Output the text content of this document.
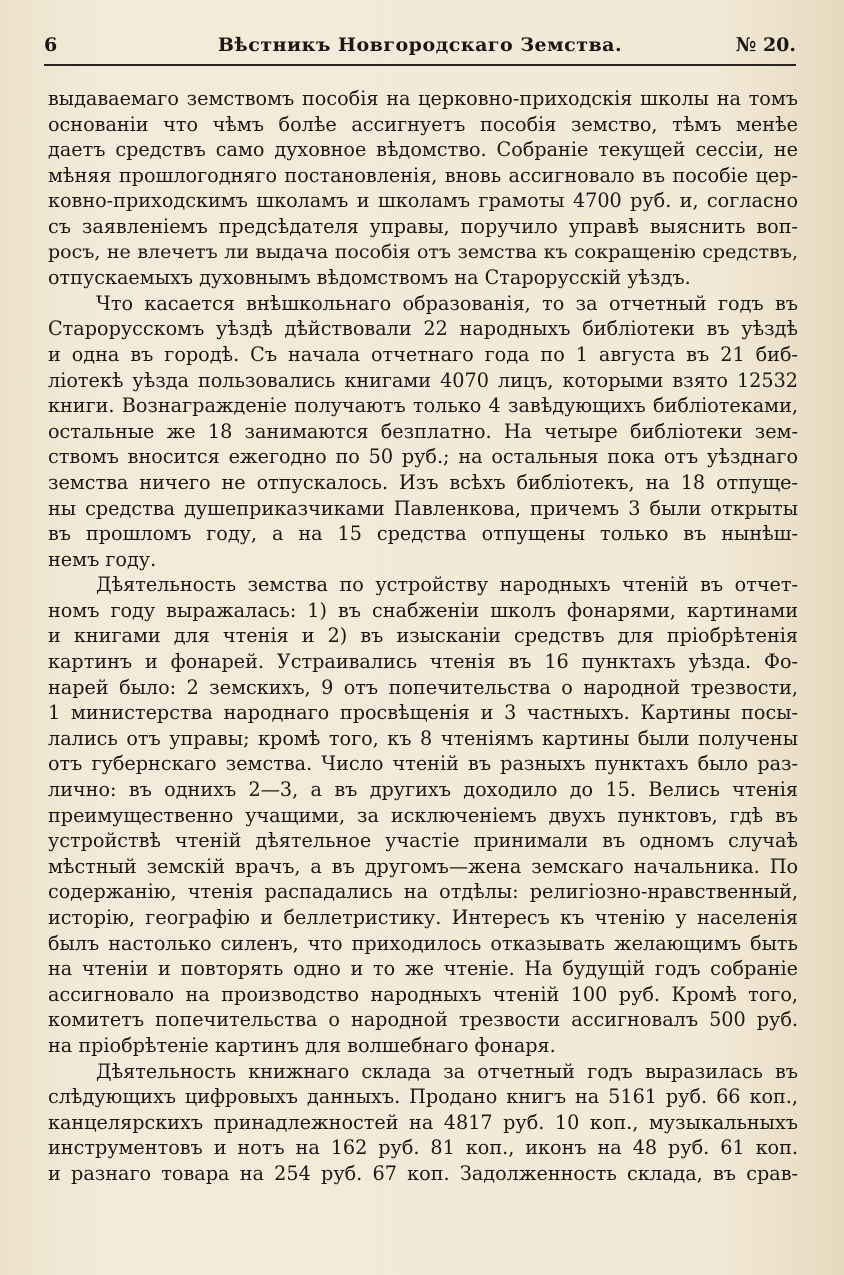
6	Вѣстникъ Новгородскаго Земства.	№ 20.
выдаваемаго земствомъ пособія на церковно-приходскія школы на томъ
основаніи что чѣмъ болѣе ассигнуетъ пособія земство, тѣмъ менѣе
даетъ средствъ само духовное вѣдомство. Собраніе текущей сессіи, не
мѣняя прошлогодняго постановленія, вновь ассигновало въ пособіе цер-
ковно-приходскимъ школамъ и школамъ грамоты 4700 руб. и, согласно
съ заявленіемъ предсѣдателя управы, поручило управѣ выяснить воп-
росъ, не влечетъ ли выдача пособія отъ земства къ сокращенію средствъ,
отпускаемыхъ духовнымъ вѣдомствомъ на Старорусскій уѣздъ.
Что касается внѣшкольнаго образованія, то за отчетный годъ въ
Старорусскомъ уѣздѣ дѣйствовали 22 народныхъ библіотеки въ уѣздѣ
и одна въ городѣ. Съ начала отчетнаго года по 1 августа въ 21 биб-
ліотекѣ уѣзда пользовались книгами 4070 лицъ, которыми взято 12532
книги. Вознагражденіе получаютъ только 4 завѣдующихъ библіотеками,
остальные же 18 занимаются безплатно. На четыре библіотеки зем-
ствомъ вносится ежегодно по 50 руб.; на остальныя пока отъ уѣзднаго
земства ничего не отпускалось. Изъ всѣхъ библіотекъ, на 18 отпуще-
ны средства душеприказчиками Павленкова, причемъ 3 были открыты
въ прошломъ году, а на 15 средства отпущены только въ нынѣш-
немъ году.
Дѣятельность земства по устройству народныхъ чтеній въ отчет-
номъ году выражалась: 1) въ снабженіи школъ фонарями, картинами
и книгами для чтенія и 2) въ изысканіи средствъ для пріобрѣтенія
картинъ и фонарей. Устраивались чтенія въ 16 пунктахъ уѣзда. Фо-
нарей было: 2 земскихъ, 9 отъ попечительства о народной трезвости,
1 министерства народнаго просвѣщенія и 3 частныхъ. Картины посы-
лались отъ управы; кромѣ того, къ 8 чтеніямъ картины были получены
отъ губернскаго земства. Число чтеній въ разныхъ пунктахъ было раз-
лично: въ однихъ 2—3, а въ другихъ доходило до 15. Велись чтенія
преимущественно учащими, за исключеніемъ двухъ пунктовъ, гдѣ въ
устройствѣ чтеній дѣятельное участіе принимали въ одномъ случаѣ
мѣстный земскій врачъ, а въ другомъ—жена земскаго начальника. По
содержанію, чтенія распадались на отдѣлы: религіозно-нравственный,
исторію, географію и беллетристику. Интересъ къ чтенію у населенія
былъ настолько силенъ, что приходилось отказывать желающимъ быть
на чтеніи и повторять одно и то же чтеніе. На будущій годъ собраніе
ассигновало на производство народныхъ чтеній 100 руб. Кромѣ того,
комитетъ попечительства о народной трезвости ассигновалъ 500 руб.
на пріобрѣтеніе картинъ для волшебнаго фонаря.
Дѣятельность книжнаго склада за отчетный годъ выразилась въ
слѣдующихъ цифровыхъ данныхъ. Продано книгъ на 5161 руб. 66 коп.,
канцелярскихъ принадлежностей на 4817 руб. 10 коп., музыкальныхъ
инструментовъ и нотъ на 162 руб. 81 коп., иконъ на 48 руб. 61 коп.
и разнаго товара на 254 руб. 67 коп. Задолженность склада, въ срав-
